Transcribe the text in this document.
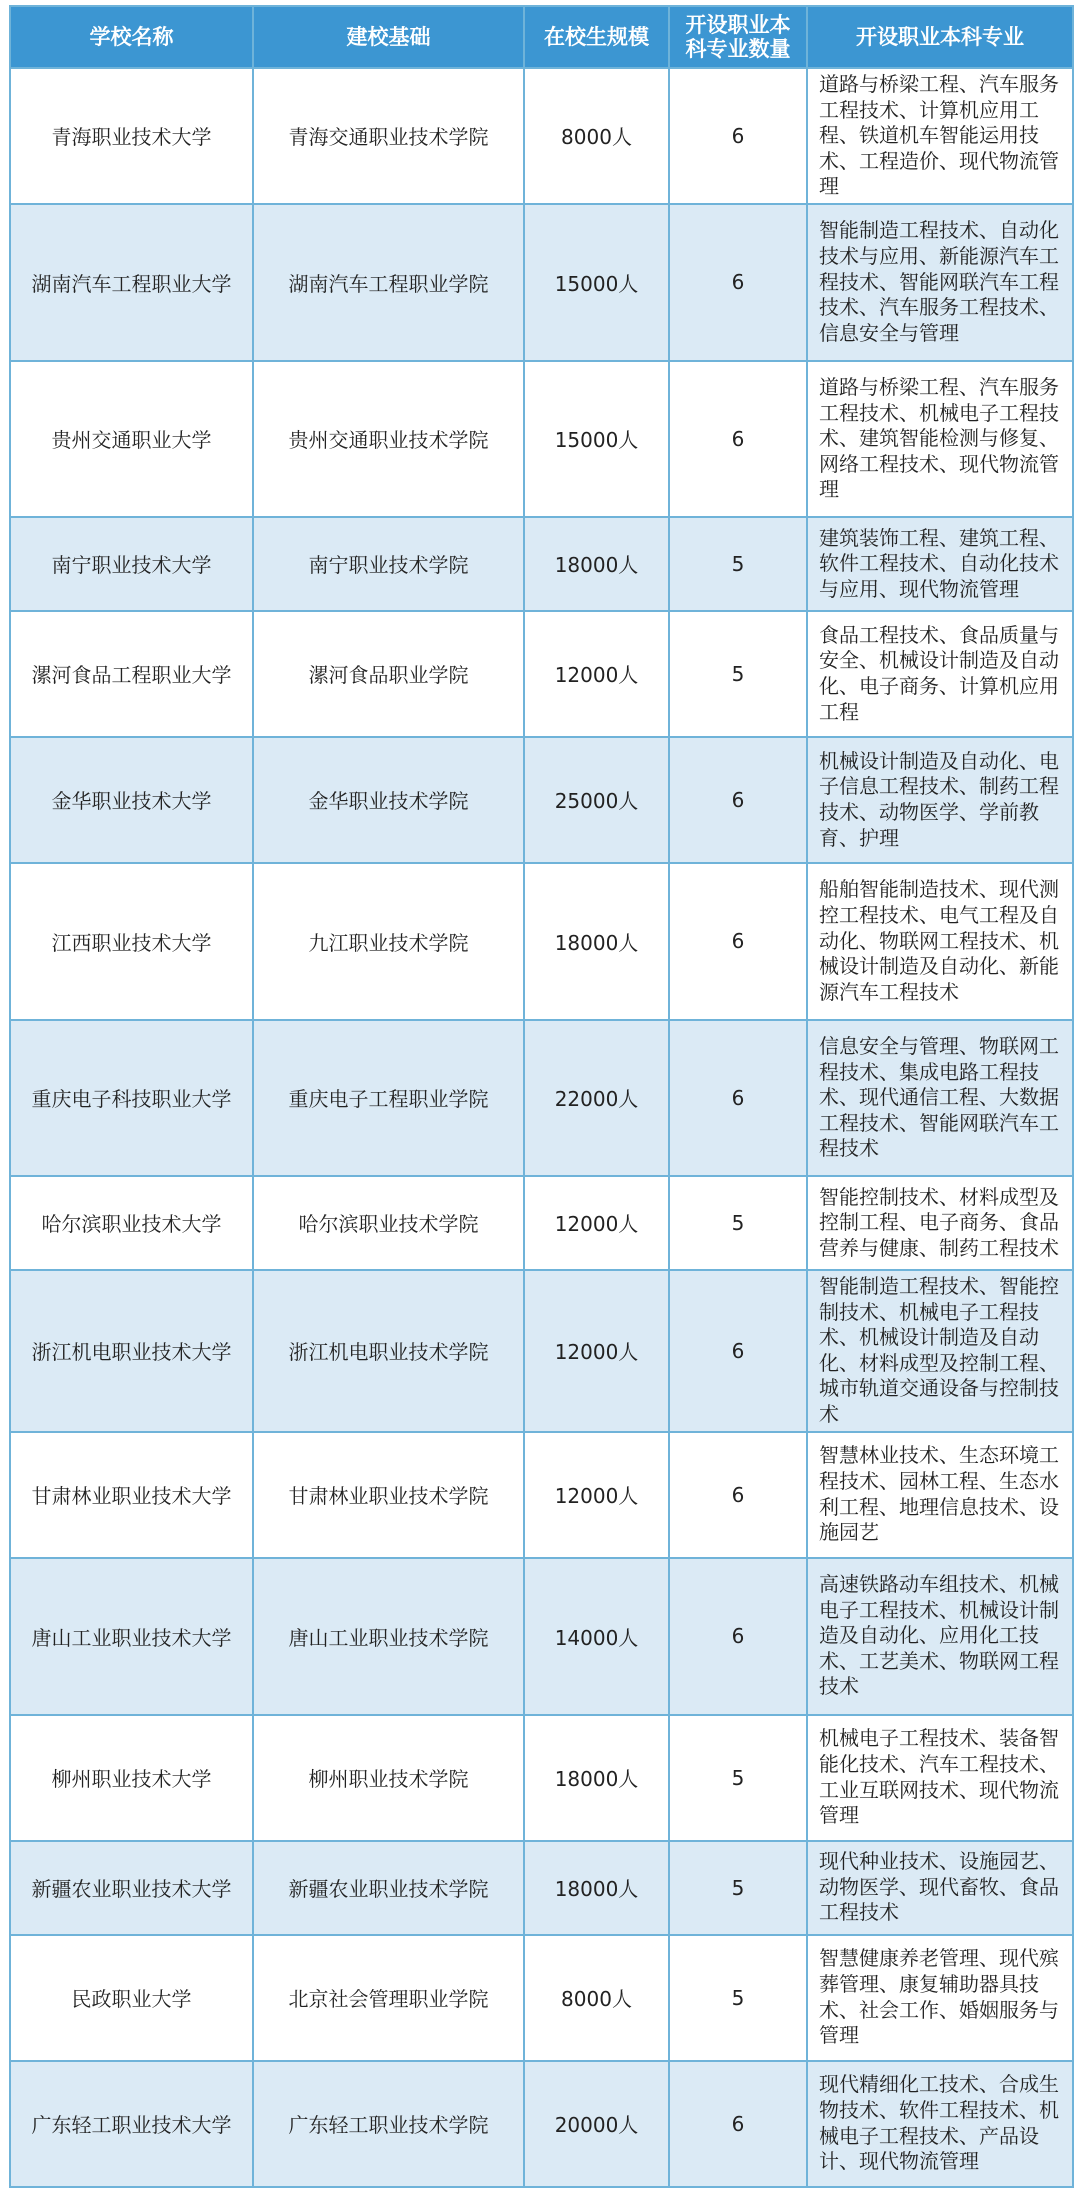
学校名称	建校基础	在校生规模	开设职业本科专业数量	开设职业本科专业
青海职业技术大学	青海交通职业技术学院	8000人	6	道路与桥梁工程、汽车服务工程技术、计算机应用工程、铁道机车智能运用技术、工程造价、现代物流管理
湖南汽车工程职业大学	湖南汽车工程职业学院	15000人	6	智能制造工程技术、自动化技术与应用、新能源汽车工程技术、智能网联汽车工程技术、汽车服务工程技术、信息安全与管理
贵州交通职业大学	贵州交通职业技术学院	15000人	6	道路与桥梁工程、汽车服务工程技术、机械电子工程技术、建筑智能检测与修复、网络工程技术、现代物流管理
南宁职业技术大学	南宁职业技术学院	18000人	5	建筑装饰工程、建筑工程、软件工程技术、自动化技术与应用、现代物流管理
漯河食品工程职业大学	漯河食品职业学院	12000人	5	食品工程技术、食品质量与安全、机械设计制造及自动化、电子商务、计算机应用工程
金华职业技术大学	金华职业技术学院	25000人	6	机械设计制造及自动化、电子信息工程技术、制药工程技术、动物医学、学前教育、护理
江西职业技术大学	九江职业技术学院	18000人	6	船舶智能制造技术、现代测控工程技术、电气工程及自动化、物联网工程技术、机械设计制造及自动化、新能源汽车工程技术
重庆电子科技职业大学	重庆电子工程职业学院	22000人	6	信息安全与管理、物联网工程技术、集成电路工程技术、现代通信工程、大数据工程技术、智能网联汽车工程技术
哈尔滨职业技术大学	哈尔滨职业技术学院	12000人	5	智能控制技术、材料成型及控制工程、电子商务、食品营养与健康、制药工程技术
浙江机电职业技术大学	浙江机电职业技术学院	12000人	6	智能制造工程技术、智能控制技术、机械电子工程技术、机械设计制造及自动化、材料成型及控制工程、城市轨道交通设备与控制技术
甘肃林业职业技术大学	甘肃林业职业技术学院	12000人	6	智慧林业技术、生态环境工程技术、园林工程、生态水利工程、地理信息技术、设施园艺
唐山工业职业技术大学	唐山工业职业技术学院	14000人	6	高速铁路动车组技术、机械电子工程技术、机械设计制造及自动化、应用化工技术、工艺美术、物联网工程技术
柳州职业技术大学	柳州职业技术学院	18000人	5	机械电子工程技术、装备智能化技术、汽车工程技术、工业互联网技术、现代物流管理
新疆农业职业技术大学	新疆农业职业技术学院	18000人	5	现代种业技术、设施园艺、动物医学、现代畜牧、食品工程技术
民政职业大学	北京社会管理职业学院	8000人	5	智慧健康养老管理、现代殡葬管理、康复辅助器具技术、社会工作、婚姻服务与管理
广东轻工职业技术大学	广东轻工职业技术学院	20000人	6	现代精细化工技术、合成生物技术、软件工程技术、机械电子工程技术、产品设计、现代物流管理
